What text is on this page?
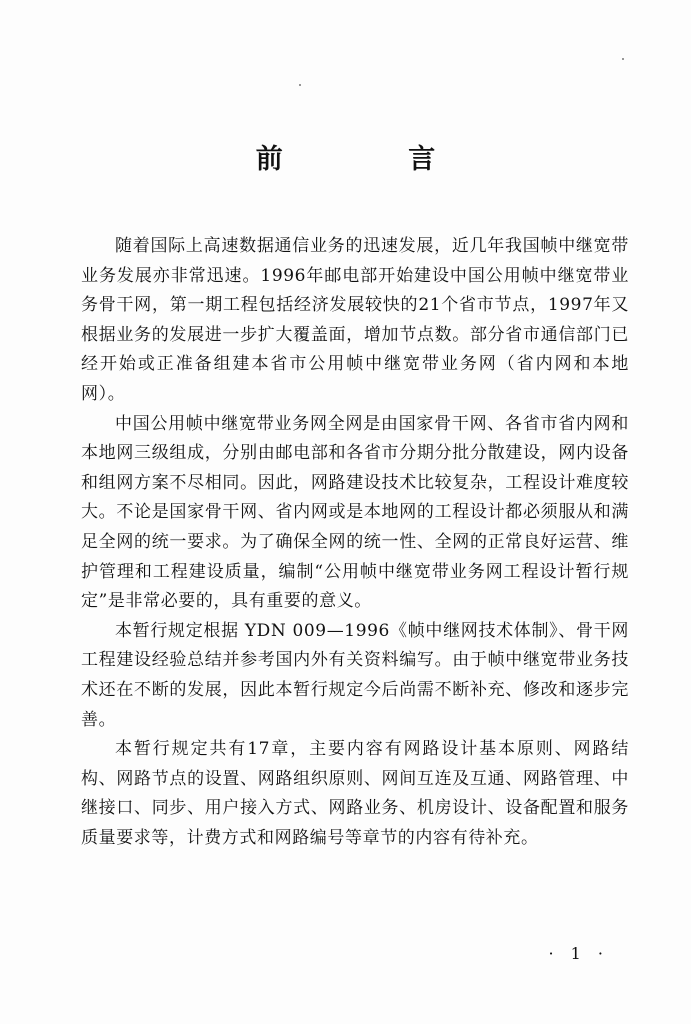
前 言

随着国际上高速数据通信业务的迅速发展，近几年我国帧中继宽带业务发展亦非常迅速。1996年邮电部开始建设中国公用帧中继宽带业务骨干网，第一期工程包括经济发展较快的21个省市节点，1997年又根据业务的发展进一步扩大覆盖面，增加节点数。部分省市通信部门已经开始或正准备组建本省市公用帧中继宽带业务网（省内网和本地网）。

中国公用帧中继宽带业务网全网是由国家骨干网、各省市省内网和本地网三级组成，分别由邮电部和各省市分期分批分散建设，网内设备和组网方案不尽相同。因此，网路建设技术比较复杂，工程设计难度较大。不论是国家骨干网、省内网或是本地网的工程设计都必须服从和满足全网的统一要求。为了确保全网的统一性、全网的正常良好运营、维护管理和工程建设质量，编制“公用帧中继宽带业务网工程设计暂行规定”是非常必要的，具有重要的意义。

本暂行规定根据 YDN 009—1996《帧中继网技术体制》、骨干网工程建设经验总结并参考国内外有关资料编写。由于帧中继宽带业务技术还在不断的发展，因此本暂行规定今后尚需不断补充、修改和逐步完善。

本暂行规定共有17章，主要内容有网路设计基本原则、网路结构、网路节点的设置、网路组织原则、网间互连及互通、网路管理、中继接口、同步、用户接入方式、网路业务、机房设计、设备配置和服务质量要求等，计费方式和网路编号等章节的内容有待补充。

· 1 ·
